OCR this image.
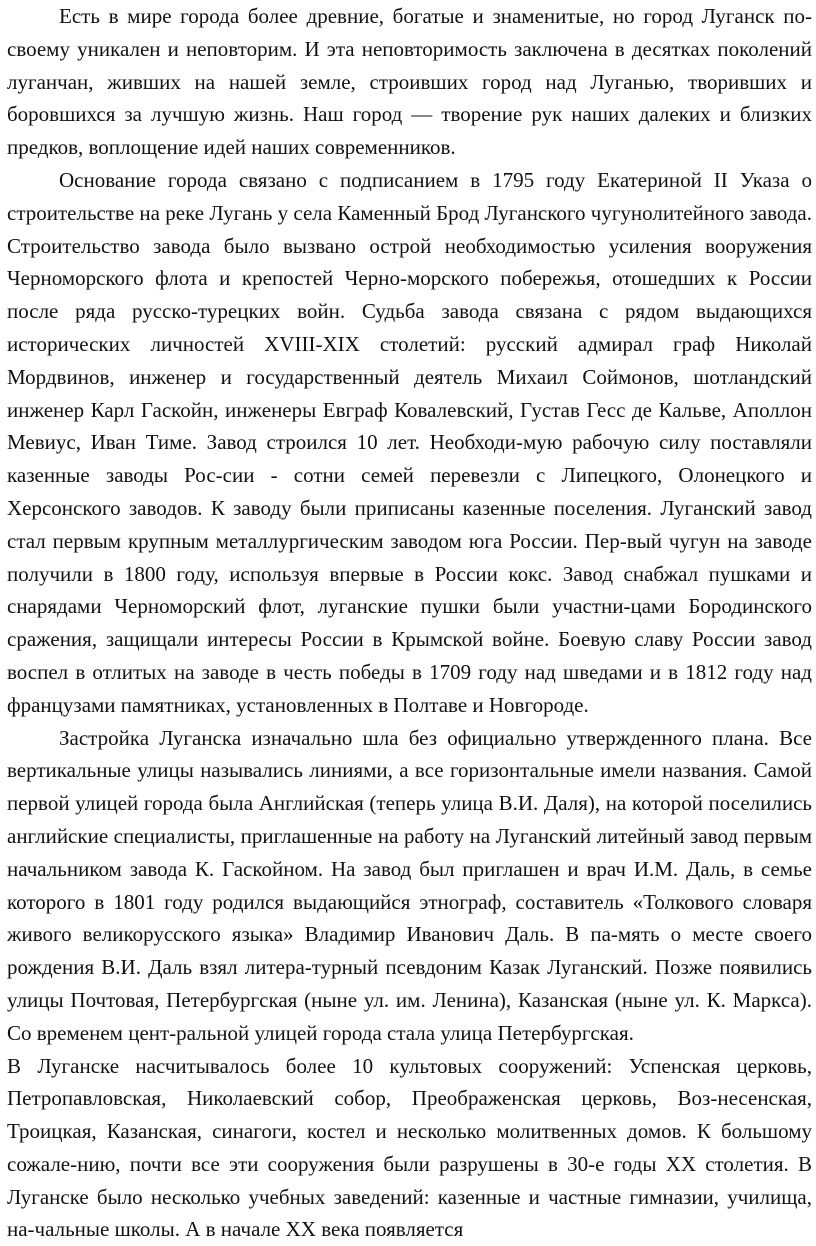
Есть в мире города более древние, богатые и знаменитые, но город Луганск по-своему уникален и неповторим. И эта неповторимость заключена в десятках поколений луганчан, живших на нашей земле, строивших город над Луганью, творивших и боровшихся за лучшую жизнь. Наш город — творение рук наших далеких и близких предков, воплощение идей наших современников.

Основание города связано с подписанием в 1795 году Екатериной II Указа о строительстве на реке Лугань у села Каменный Брод Луганского чугунолитейного завода. Строительство завода было вызвано острой необходимостью усиления вооружения Черноморского флота и крепостей Черно-морского побережья, отошедших к России после ряда русско-турецких войн. Судьба завода связана с рядом выдающихся исторических личностей XVIII-XIX столетий: русский адмирал граф Николай Мордвинов, инженер и государственный деятель Михаил Соймонов, шотландский инженер Карл Гаскойн, инженеры Евграф Ковалевский, Густав Гесс де Кальве, Аполлон Мевиус, Иван Тиме. Завод строился 10 лет. Необходи-мую рабочую силу поставляли казенные заводы Рос-сии - сотни семей перевезли с Липецкого, Олонецкого и Херсонского заводов. К заводу были приписаны казенные поселения. Луганский завод стал первым крупным металлургическим заводом юга России. Пер-вый чугун на заводе получили в 1800 году, используя впервые в России кокс. Завод снабжал пушками и снарядами Черноморский флот, луганские пушки были участни-цами Бородинского сражения, защищали интересы России в Крымской войне. Боевую славу России завод воспел в отлитых на заводе в честь победы в 1709 году над шведами и в 1812 году над французами памятниках, установленных в Полтаве и Новгороде.

Застройка Луганска изначально шла без официально утвержденного плана. Все вертикальные улицы назывались линиями, а все горизонтальные имели названия. Самой первой улицей города была Английская (теперь улица В.И. Даля), на которой поселились английские специалисты, приглашенные на работу на Луганский литейный завод первым начальником завода К. Гаскойном. На завод был приглашен и врач И.М. Даль, в семье которого в 1801 году родился выдающийся этнограф, составитель «Толкового словаря живого великорусского языка» Владимир Иванович Даль. В па-мять о месте своего рождения В.И. Даль взял литера-турный псевдоним Казак Луганский. Позже появились улицы Почтовая, Петербургская (ныне ул. им. Ленина), Казанская (ныне ул. К. Маркса). Со временем цент-ральной улицей города стала улица Петербургская.

В Луганске насчитывалось более 10 культовых сооружений: Успенская церковь, Петропавловская, Николаевский собор, Преображенская церковь, Воз-несенская, Троицкая, Казанская, синагоги, костел и несколько молитвенных домов. К большому сожале-нию, почти все эти сооружения были разрушены в 30-е годы XX столетия. В Луганске было несколько учебных заведений: казенные и частные гимназии, училища, на-чальные школы. А в начале XX века появляется
